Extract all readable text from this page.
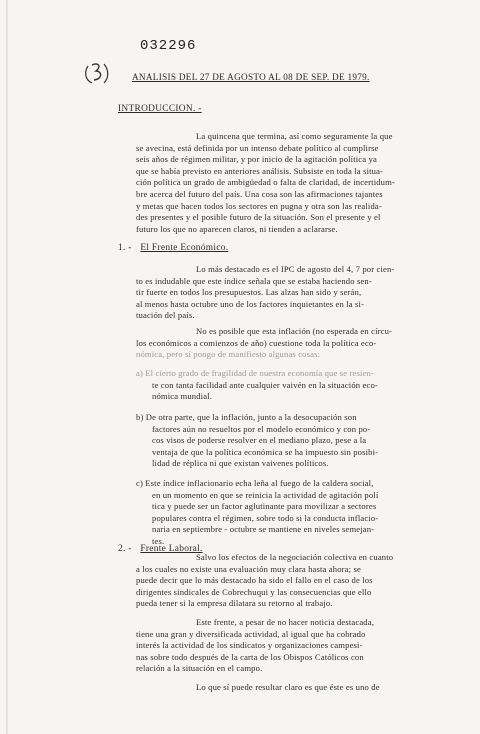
032296
ANALISIS DEL 27 DE AGOSTO AL 08 DE SEP. DE 1979.
INTRODUCCION. -
La quincena que termina, así como seguramente la que
se avecina, está definida por un intenso debate político al cumplirse
seis años de régimen militar, y por inicio de la agitación política ya
que se había previsto en anteriores análisis. Subsiste en toda la situa-
ción política un grado de ambigüedad o falta de claridad, de incertidum-
bre acerca del futuro del país. Una cosa son las afirmaciones tajantes
y metas que hacen todos los sectores en pugna y otra son las realida-
des presentes y el posible futuro de la situación. Son el presente y el
futuro los que no aparecen claros, ni tienden a aclararse.
1. - El Frente Económico.
Lo más destacado es el IPC de agosto del 4, 7 por cien-
to es indudable que este índice señala que se estaba haciendo sen-
tir fuerte en todos los presupuestos. Las alzas han sido y serán,
al menos hasta octubre uno de los factores inquietantes en la si-
tuación del país.
No es posible que esta inflación (no esperada en círcu-
los económicos a comienzos de año) cuestione toda la política eco-
nómica, pero sí pongo de manifiesto algunas cosas:
a) El cierto grado de fragilidad de nuestra economía que se resien-
te con tanta facilidad ante cualquier vaivén en la situación eco-
nómica mundial.
b) De otra parte, que la inflación, junto a la desocupación son
factores aún no resueltos por el modelo económico y con po-
cos visos de poderse resolver en el mediano plazo, pese a la
ventaja de que la política económica se ha impuesto sin posibi-
lidad de réplica ni que existan vaivenes políticos.
c) Este índice inflacionario echa leña al fuego de la caldera social,
en un momento en que se reinicia la actividad de agitación polí
tica y puede ser un factor aglutinante para movilizar a sectores
populares contra el régimen, sobre todo si la conducta inflacio-
naria en septiembre - octubre se mantiene en niveles semejan-
tes.
2. - Frente Laboral.
Salvo los efectos de la negociación colectiva en cuanto
a los cuales no existe una evaluación muy clara hasta ahora; se
puede decir que lo más destacado ha sido el fallo en el caso de los
dirigentes sindicales de Cobrechuqui y las consecuencias que ello
pueda tener si la empresa dilatara su retorno al trabajo.
Este frente, a pesar de no hacer noticia destacada,
tiene una gran y diversificada actividad, al igual que ha cobrado
interés la actividad de los sindicatos y organizaciones campesi-
nas sobre todo después de la carta de los Obispos Católicos con
relación a la situación en el campo.
Lo que sí puede resultar claro es que éste es uno de
